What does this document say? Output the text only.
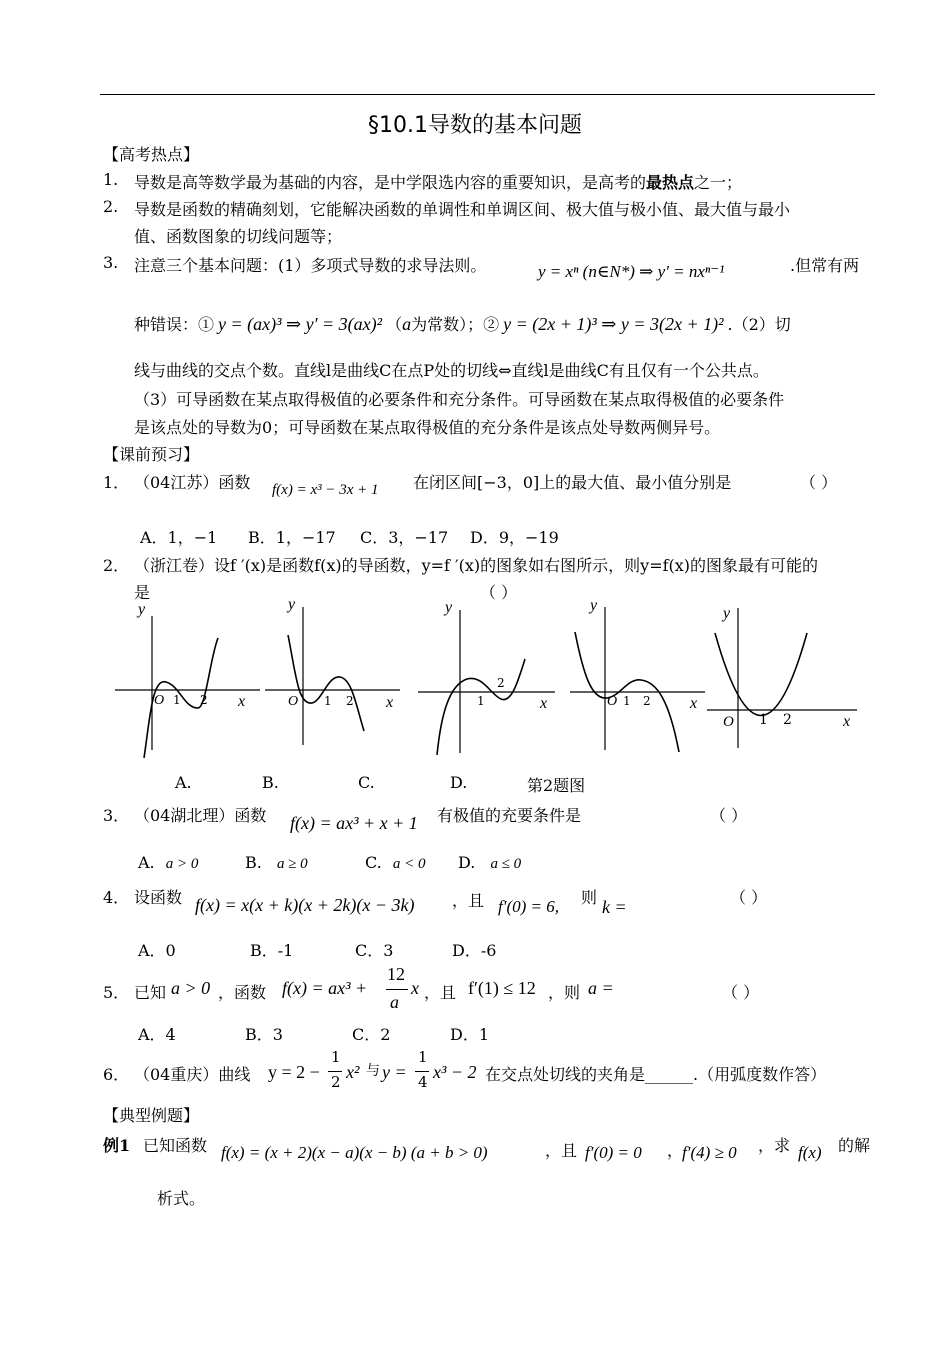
§10.1导数的基本问题
【高考热点】
1. 导数是高等数学最为基础的内容，是中学限选内容的重要知识，是高考的最热点之一；
2. 导数是函数的精确刻划，它能解决函数的单调性和单调区间、极大值与极小值、最大值与最小
值、函数图象的切线问题等；
3. 注意三个基本问题：(1）多项式导数的求导法则。	y = xⁿ (n∈N*) ⇒ y′ = nxⁿ⁻¹	.但常有两
种错误：① y = (ax)³ ⇒ y′ = 3(ax)² （a为常数）；② y = (2x + 1)³ ⇒ y = 3(2x + 1)² .（2）切
线与曲线的交点个数。直线l是曲线C在点P处的切线⇔直线l是曲线C有且仅有一个公共点。
（3）可导函数在某点取得极值的必要条件和充分条件。可导函数在某点取得极值的必要条件
是该点处的导数为0；可导函数在某点取得极值的充分条件是该点处导数两侧异号。
【课前预习】
1． （04江苏）函数 f(x) = x³ − 3x + 1 在闭区间[−3，0]上的最大值、最小值分别是	（ ）
A．1，−1 B．1，−17 C．3，−17 D．9，−19
2． （浙江卷）设f ′(x)是函数f(x)的导函数，y=f ′(x)的图象如右图所示，则y=f(x)的图象最有可能的
是	（ ）
y
x
O 1 2
y
x
O 1 2
y
x
1
2
y
x
O 1 2
y
x
O 1 2
A.	B.	C.	D.	第2题图
3． （04湖北理）函数 f(x) = ax³ + x + 1 有极值的充要条件是	（ ）
A. a > 0	B. a ≥ 0	C. a < 0 D. a ≤ 0
4． 设函数 f(x) = x(x + k)(x + 2k)(x − 3k) ，且 f′(0) = 6, 则 k =	（ ）
A．0	B．-1	C．3	D．-6
5． 已知 a > 0 ，函数 f(x) = ax³ +
12
a
x ，且 f′(1) ≤ 12 ，则 a =	（ ）
A．4	B．3	C．2	D．1
6． （04重庆）曲线 y = 2 −
1
2 x² 与 y =
1
4 x³ − 2 在交点处切线的夹角是______.（用弧度数作答）
【典型例题】
例1 已知函数 f(x) = (x + 2)(x − a)(x − b) (a + b > 0)	，且 f′(0) = 0 ，
f′(4) ≥ 0 ，求 f(x) 的解
析式。
